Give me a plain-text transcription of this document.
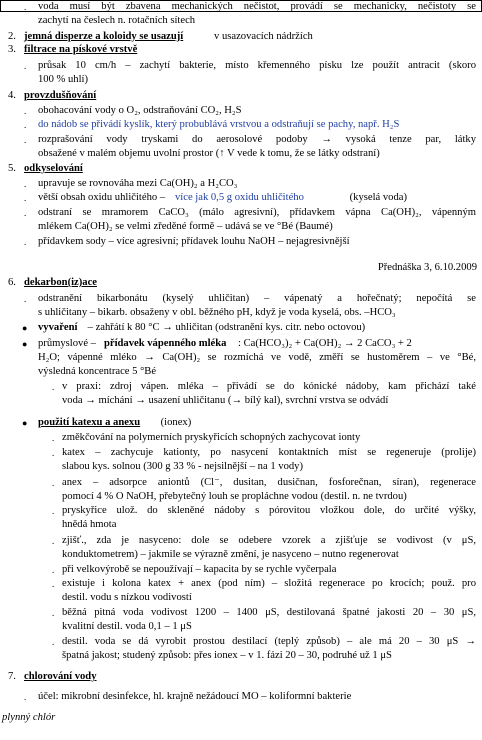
. voda musí být zbavena mechanických nečistot, provádí se mechanicky, nečistoty se
zachytí na česlech n. rotačních sítech
2. jemná disperze a koloidy se usazují	v usazovacích nádržích
3. filtrace na pískové vrstvě
. průsak 10 cm/h – zachytí bakterie, místo křemenného písku lze použít antracit (skoro
100 % uhlí)
4. provzdušňování
. obohacování vody o O₂, odstraňování CO₂, H₂S
. do nádob se přivádí kyslík, který probublává vrstvou a odstraňují se pachy, např. H₂S
. rozprašování vody tryskami do aerosolové podoby → vysoká tenze par, látky
obsažené v malém objemu uvolní prostor (↑ V vede k tomu, že se látky odstraní)
5. odkyselování
. upravuje se rovnováha mezi Ca(OH)₂ a H₂CO₃
. větší obsah oxidu uhličitého – více jak 0,5 g oxidu uhličitého	(kyselá voda)
. odstraní se mramorem CaCO₃ (málo agresivní), přídavkem vápna Ca(OH)₂, vápenným
mlékem Ca(OH)₂ se velmi zředěné formě – udává se ve °Bé (Baumé)
. přídavkem sody – více agresivní; přídavek louhu NaOH – nejagresivnější
Přednáška 3, 6.10.2009
6. dekarbon(iz)ace
. odstranění bikarbonátu (kyselý uhličitan) – vápenatý a hořečnatý; nepočítá se
s uhličitany – bikarb. obsaženy v obl. běžného pH, když je voda kyselá, obs. –HCO₃
● vyvaření – zahřátí k 80 °C → uhličitan (odstranění kys. citr. nebo octovou)
● průmyslové – přídavek vápenného mléka : Ca(HCO₃)₂ + Ca(OH)₂ → 2 CaCO₃ + 2
H₂O; vápenné mléko → Ca(OH)₂ se rozmíchá ve vodě, změří se hustoměrem – ve °Bé,
výsledná koncentrace 5 °Bé
. v praxi: zdroj vápen. mléka – přivádí se do kónické nádoby, kam přichází také
voda → míchání → usazení uhličitanu (→ bílý kal), svrchní vrstva se odvádí
● použití katexu a anexu (ionex)
. změkčování na polymerních pryskyřicích schopných zachycovat ionty
. katex – zachycuje kationty, po nasycení kontaktních míst se regeneruje (prolije)
slabou kys. solnou (300 g 33 % - nejsilnější – na 1 vody)
. anex – adsorpce aniontů (Cl⁻, dusitan, dusičnan, fosforečnan, síran), regenerace
pomocí 4 % O NaOH, přebytečný louh se propláchne vodou (destil. n. ne tvrdou)
. pryskyřice ulož. do skleněné nádoby s pórovitou vložkou dole, do určité výšky,
hnědá hmota
. zjišť., zda je nasyceno: dole se odebere vzorek a zjišťuje se vodivost (v μS,
konduktometrem) – jakmile se výrazně změní, je nasyceno – nutno regenerovat
. při velkovýrobě se nepoužívají – kapacita by se rychle vyčerpala
. existuje i kolona katex + anex (pod ním) – složitá regenerace po krocích; použ. pro
destil. vodu s nízkou vodivostí
. běžná pitná voda vodivost 1200 – 1400 μS, destilovaná špatné jakosti 20 – 30 μS,
kvalitní destil. voda 0,1 – 1 μS
. destil. voda se dá vyrobit prostou destilací (teplý způsob) – ale má 20 – 30 μS →
špatná jakost; studený způsob: přes ionex – v 1. fázi 20 – 30, podruhé už 1 μS
7. chlorování vody
. účel: mikrobní desinfekce, hl. krajně nežádoucí MO – koliformní bakterie
plynný chlór
